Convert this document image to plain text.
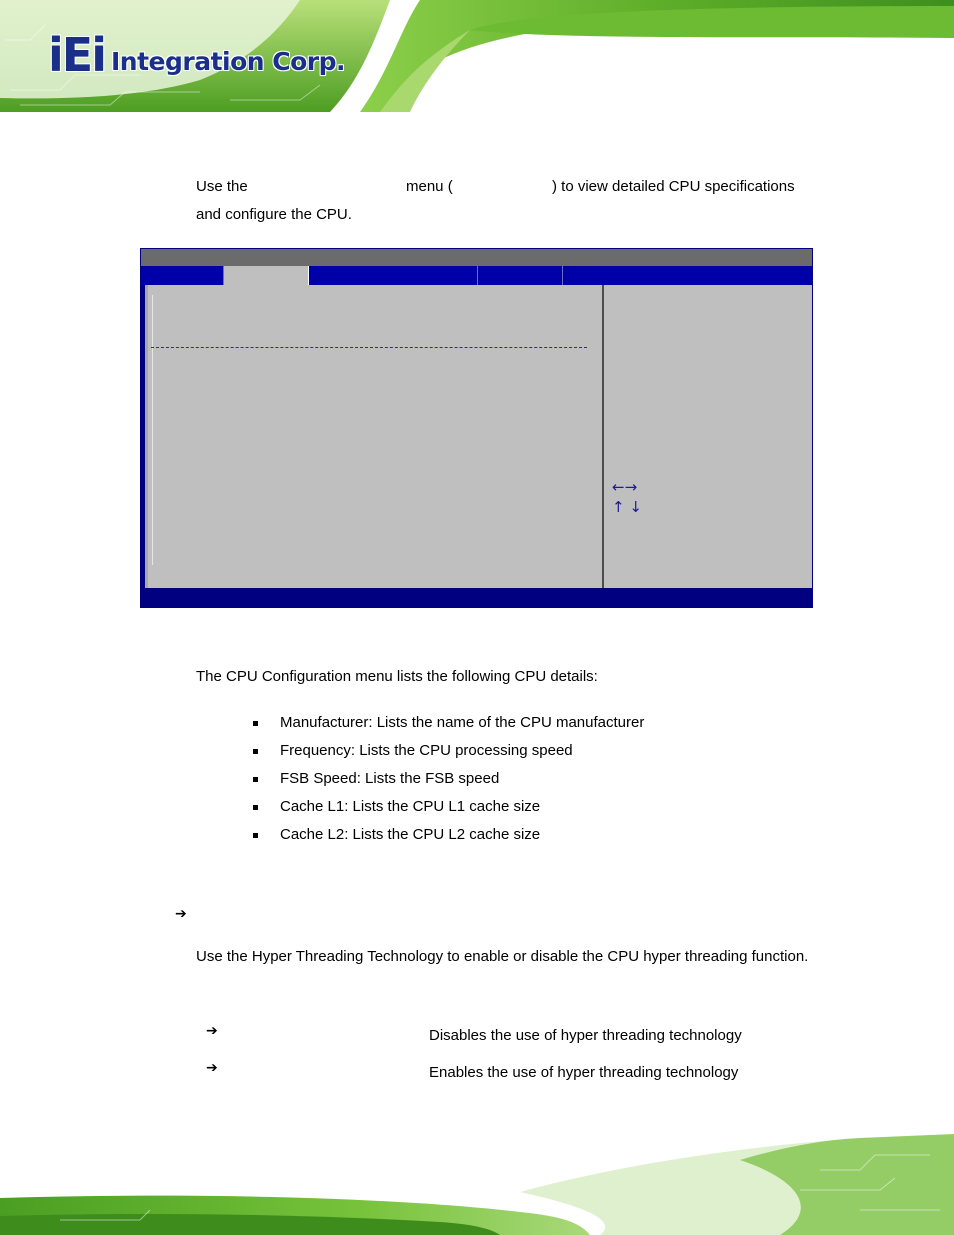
iEi Integration Corp.
Use the	menu (	) to view detailed CPU specifications
and configure the CPU.
←→
↑ ↓
The CPU Configuration menu lists the following CPU details:
Manufacturer: Lists the name of the CPU manufacturer
Frequency: Lists the CPU processing speed
FSB Speed: Lists the FSB speed
Cache L1: Lists the CPU L1 cache size
Cache L2: Lists the CPU L2 cache size
➔
Use the Hyper Threading Technology to enable or disable the CPU hyper threading function.
➔	Disables the use of hyper threading technology
➔	Enables the use of hyper threading technology
